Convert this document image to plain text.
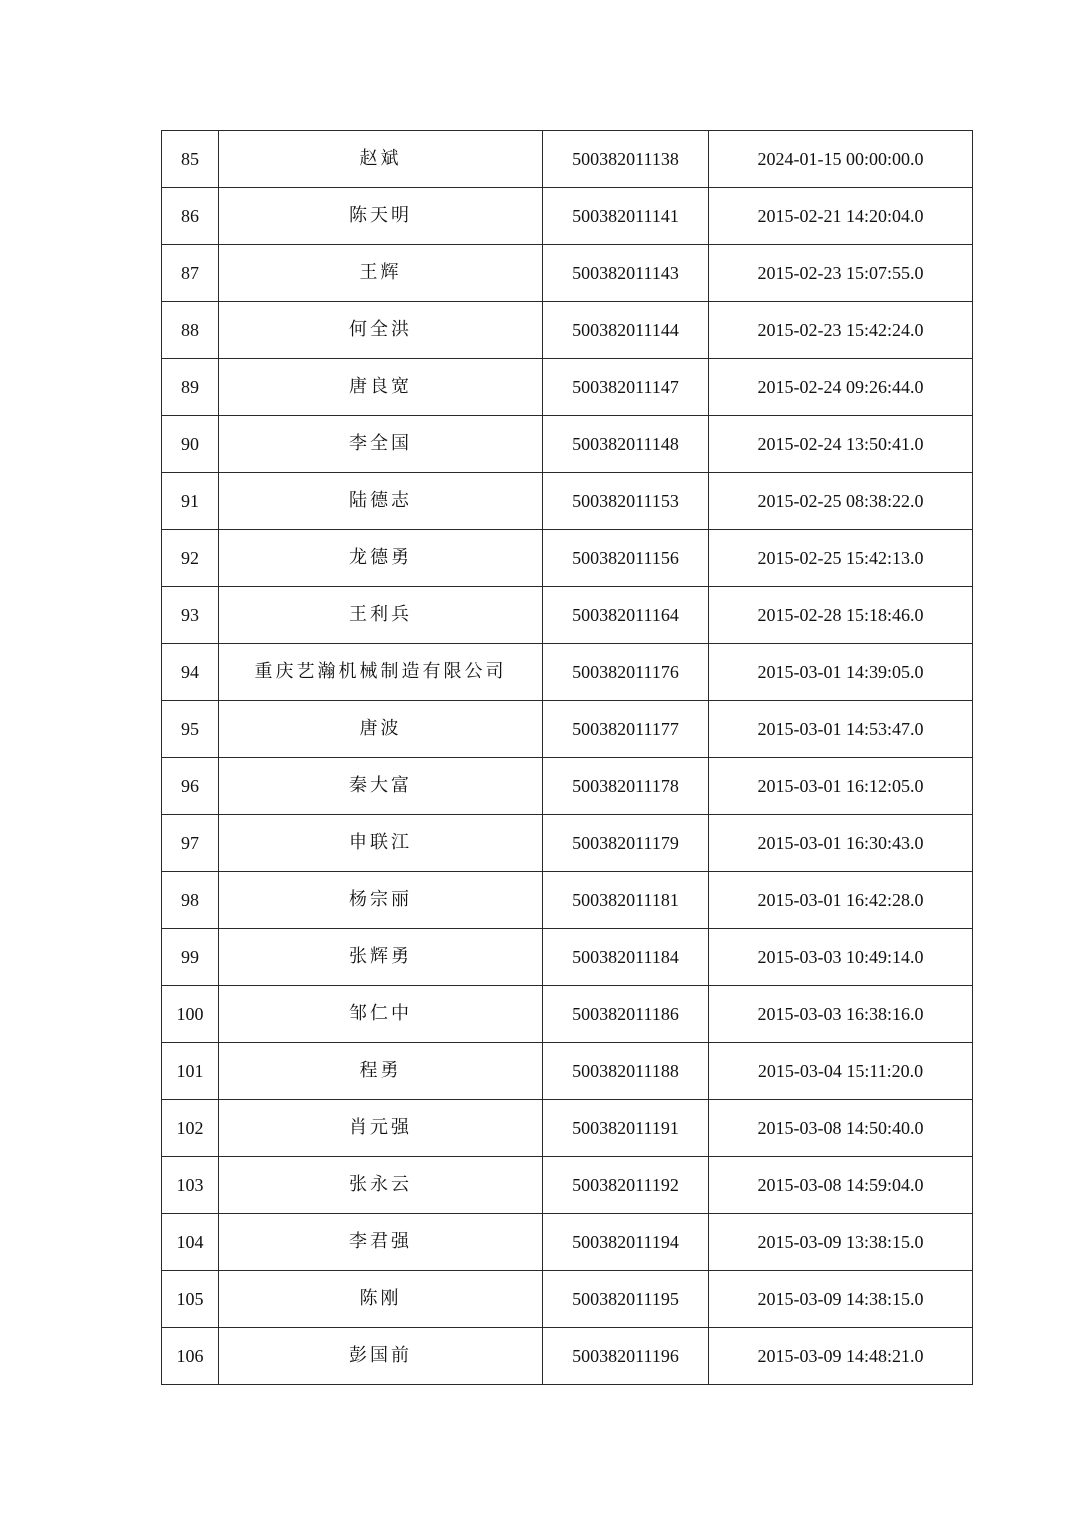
85	赵斌	500382011138	2024-01-15 00:00:00.0
86	陈天明	500382011141	2015-02-21 14:20:04.0
87	王辉	500382011143	2015-02-23 15:07:55.0
88	何全洪	500382011144	2015-02-23 15:42:24.0
89	唐良宽	500382011147	2015-02-24 09:26:44.0
90	李全国	500382011148	2015-02-24 13:50:41.0
91	陆德志	500382011153	2015-02-25 08:38:22.0
92	龙德勇	500382011156	2015-02-25 15:42:13.0
93	王利兵	500382011164	2015-02-28 15:18:46.0
94	重庆艺瀚机械制造有限公司	500382011176	2015-03-01 14:39:05.0
95	唐波	500382011177	2015-03-01 14:53:47.0
96	秦大富	500382011178	2015-03-01 16:12:05.0
97	申联江	500382011179	2015-03-01 16:30:43.0
98	杨宗丽	500382011181	2015-03-01 16:42:28.0
99	张辉勇	500382011184	2015-03-03 10:49:14.0
100	邹仁中	500382011186	2015-03-03 16:38:16.0
101	程勇	500382011188	2015-03-04 15:11:20.0
102	肖元强	500382011191	2015-03-08 14:50:40.0
103	张永云	500382011192	2015-03-08 14:59:04.0
104	李君强	500382011194	2015-03-09 13:38:15.0
105	陈刚	500382011195	2015-03-09 14:38:15.0
106	彭国前	500382011196	2015-03-09 14:48:21.0
